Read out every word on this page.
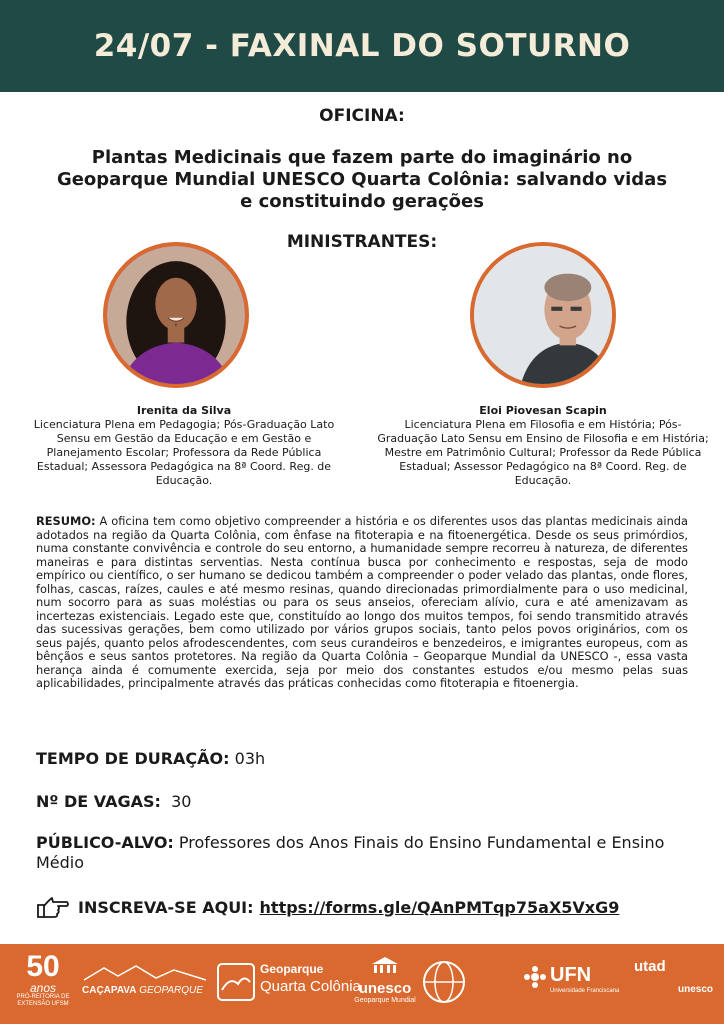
24/07 - FAXINAL DO SOTURNO
OFICINA:
Plantas Medicinais que fazem parte do imaginário no Geoparque Mundial UNESCO Quarta Colônia: salvando vidas e constituindo gerações
MINISTRANTES:
Irenita da Silva
Licenciatura Plena em Pedagogia; Pós-Graduação Lato Sensu em Gestão da Educação e em Gestão e Planejamento Escolar; Professora da Rede Pública Estadual; Assessora Pedagógica na 8ª Coord. Reg. de Educação.
Eloi Piovesan Scapin
Licenciatura Plena em Filosofia e em História; Pós-Graduação Lato Sensu em Ensino de Filosofia e em História; Mestre em Patrimônio Cultural; Professor da Rede Pública Estadual; Assessor Pedagógico na 8ª Coord. Reg. de Educação.
RESUMO: A oficina tem como objetivo compreender a história e os diferentes usos das plantas medicinais ainda adotados na região da Quarta Colônia, com ênfase na fitoterapia e na fitoenergética. Desde os seus primórdios, numa constante convivência e controle do seu entorno, a humanidade sempre recorreu à natureza, de diferentes maneiras e para distintas serventias. Nesta contínua busca por conhecimento e respostas, seja de modo empírico ou científico, o ser humano se dedicou também a compreender o poder velado das plantas, onde flores, folhas, cascas, raízes, caules e até mesmo resinas, quando direcionadas primordialmente para o uso medicinal, num socorro para as suas moléstias ou para os seus anseios, ofereciam alívio, cura e até amenizavam as incertezas existenciais. Legado este que, constituído ao longo dos muitos tempos, foi sendo transmitido através das sucessivas gerações, bem como utilizado por vários grupos sociais, tanto pelos povos originários, com os seus pajés, quanto pelos afrodescendentes, com seus curandeiros e benzedeiros, e imigrantes europeus, com as bênçãos e seus santos protetores. Na região da Quarta Colônia – Geoparque Mundial da UNESCO -, essa vasta herança ainda é comumente exercida, seja por meio dos constantes estudos e/ou mesmo pelas suas aplicabilidades, principalmente através das práticas conhecidas como fitoterapia e fitoenergia.
TEMPO DE DURAÇÃO: 03h
Nº DE VAGAS:  30
PÚBLICO-ALVO: Professores dos Anos Finais do Ensino Fundamental e Ensino Médio
INSCREVA-SE AQUI: https://forms.gle/QAnPMTqp75aX5VxG9
50
anos
PRÓ-REITORIA DE EXTENSÃO UFSM
CAÇAPAVA GEOPARQUE
Geoparque
Quarta Colônia
unesco
Geoparque Mundial
UFN
Universidade Franciscana
utad
unesco
